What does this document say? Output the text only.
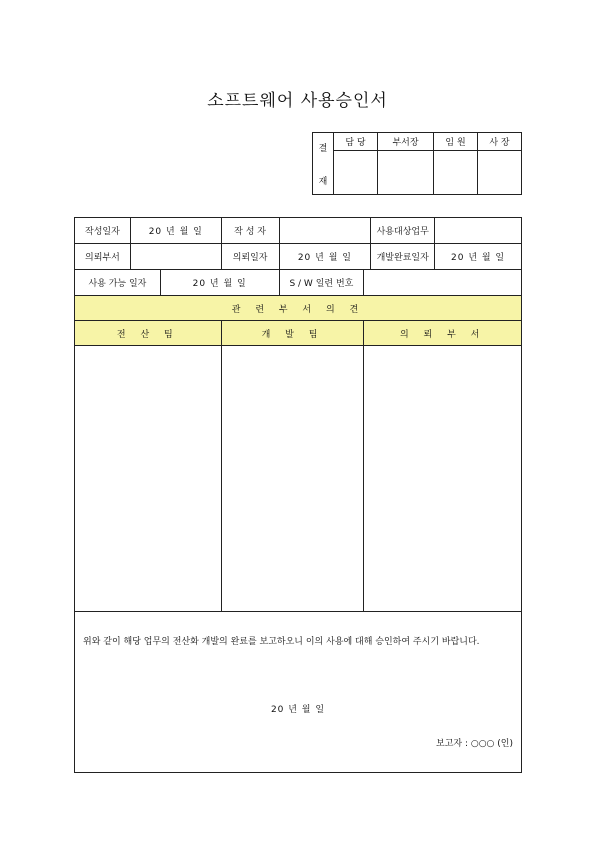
소프트웨어 사용승인서
결
재	담 당	부서장	임 원	사 장

작성일자	20 년 월 일		작 성 자			사용대상업무	
의뢰부서			의뢰일자	20 년 월 일		개발완료일자	20 년 월 일
사용 가능 일자		20 년 월 일		S / W 일련 번호			
관 련 부 서 의 견							
전 산 팀			개 발 팀		의 뢰 부 서		

위와 같이 해당 업무의 전산화 개발의 완료를 보고하오니 이의 사용에 대해 승인하여 주시기 바랍니다.
20 년 월 일
보고자 : ○○○ (인)							
